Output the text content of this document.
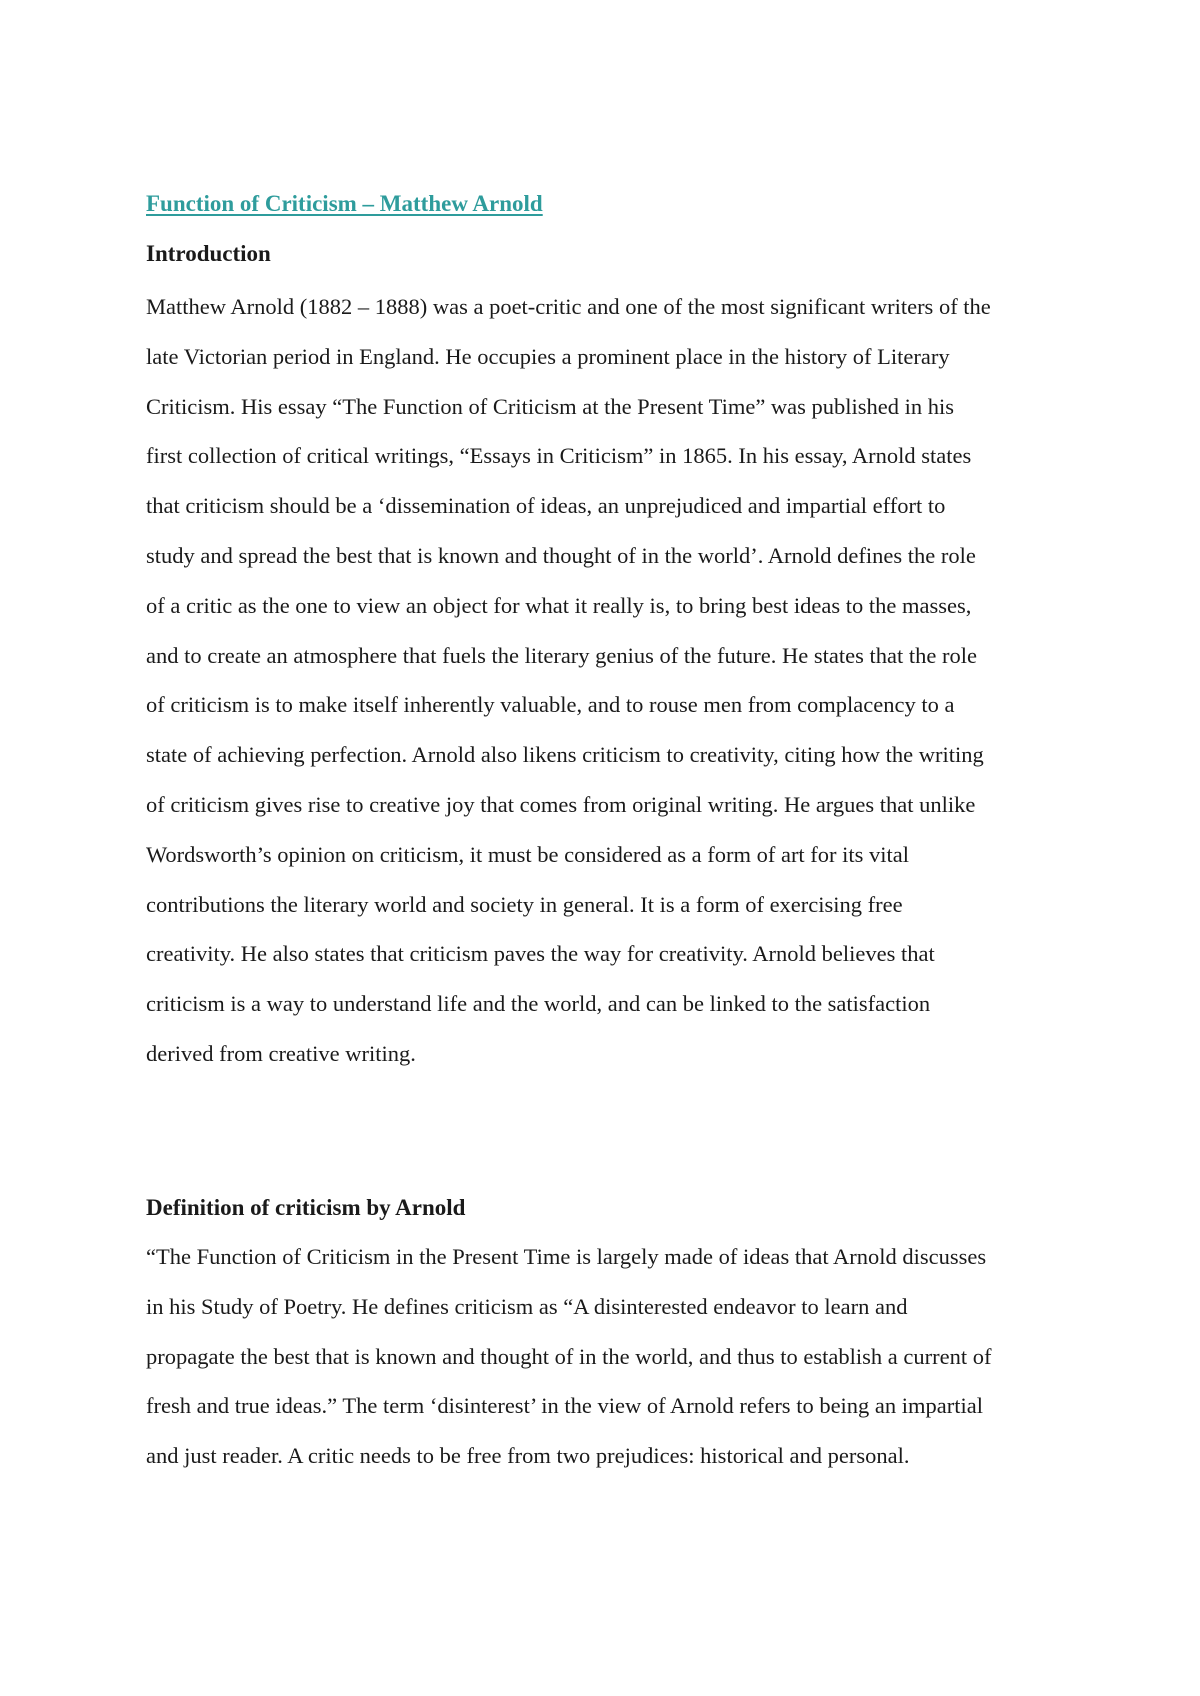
Function of Criticism – Matthew Arnold
Introduction
Matthew Arnold (1882 – 1888) was a poet-critic and one of the most significant writers of the
late Victorian period in England. He occupies a prominent place in the history of Literary
Criticism. His essay “The Function of Criticism at the Present Time” was published in his
first collection of critical writings, “Essays in Criticism” in 1865. In his essay, Arnold states
that criticism should be a ‘dissemination of ideas, an unprejudiced and impartial effort to
study and spread the best that is known and thought of in the world’. Arnold defines the role
of a critic as the one to view an object for what it really is, to bring best ideas to the masses,
and to create an atmosphere that fuels the literary genius of the future. He states that the role
of criticism is to make itself inherently valuable, and to rouse men from complacency to a
state of achieving perfection. Arnold also likens criticism to creativity, citing how the writing
of criticism gives rise to creative joy that comes from original writing. He argues that unlike
Wordsworth’s opinion on criticism, it must be considered as a form of art for its vital
contributions the literary world and society in general. It is a form of exercising free
creativity. He also states that criticism paves the way for creativity. Arnold believes that
criticism is a way to understand life and the world, and can be linked to the satisfaction
derived from creative writing.
Definition of criticism by Arnold
“The Function of Criticism in the Present Time is largely made of ideas that Arnold discusses
in his Study of Poetry. He defines criticism as “A disinterested endeavor to learn and
propagate the best that is known and thought of in the world, and thus to establish a current of
fresh and true ideas.” The term ‘disinterest’ in the view of Arnold refers to being an impartial
and just reader. A critic needs to be free from two prejudices: historical and personal.
